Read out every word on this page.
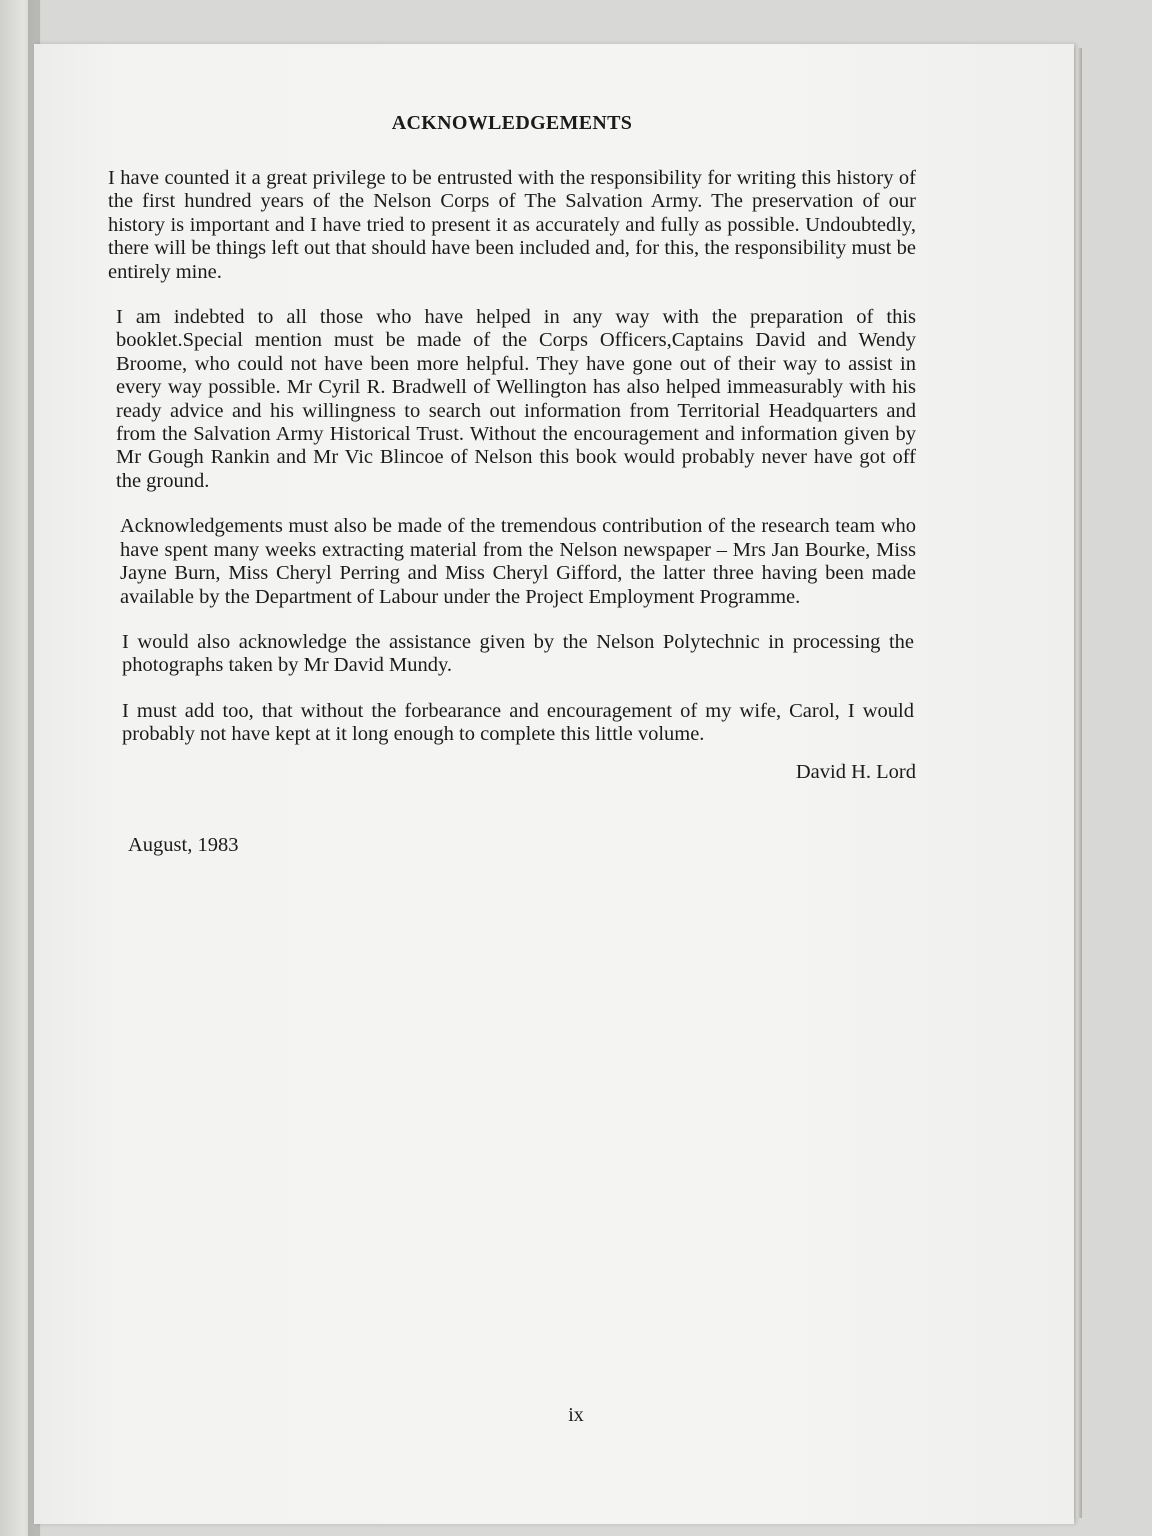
ACKNOWLEDGEMENTS

I have counted it a great privilege to be entrusted with the responsibility for writing this history of the first hundred years of the Nelson Corps of The Salvation Army. The preservation of our history is important and I have tried to present it as accurately and fully as possible. Undoubtedly, there will be things left out that should have been included and, for this, the responsibility must be entirely mine.

I am indebted to all those who have helped in any way with the preparation of this booklet.Special mention must be made of the Corps Officers,Captains David and Wendy Broome, who could not have been more helpful. They have gone out of their way to assist in every way possible. Mr Cyril R. Bradwell of Wellington has also helped immeasurably with his ready advice and his willingness to search out information from Territorial Headquarters and from the Salvation Army Historical Trust. Without the encouragement and information given by Mr Gough Rankin and Mr Vic Blincoe of Nelson this book would probably never have got off the ground.

Acknowledgements must also be made of the tremendous contribution of the research team who have spent many weeks extracting material from the Nelson newspaper – Mrs Jan Bourke, Miss Jayne Burn, Miss Cheryl Perring and Miss Cheryl Gifford, the latter three having been made available by the Department of Labour under the Project Employment Programme.

I would also acknowledge the assistance given by the Nelson Polytechnic in processing the photographs taken by Mr David Mundy.

I must add too, that without the forbearance and encouragement of my wife, Carol, I would probably not have kept at it long enough to complete this little volume.

David H. Lord

August, 1983

ix
